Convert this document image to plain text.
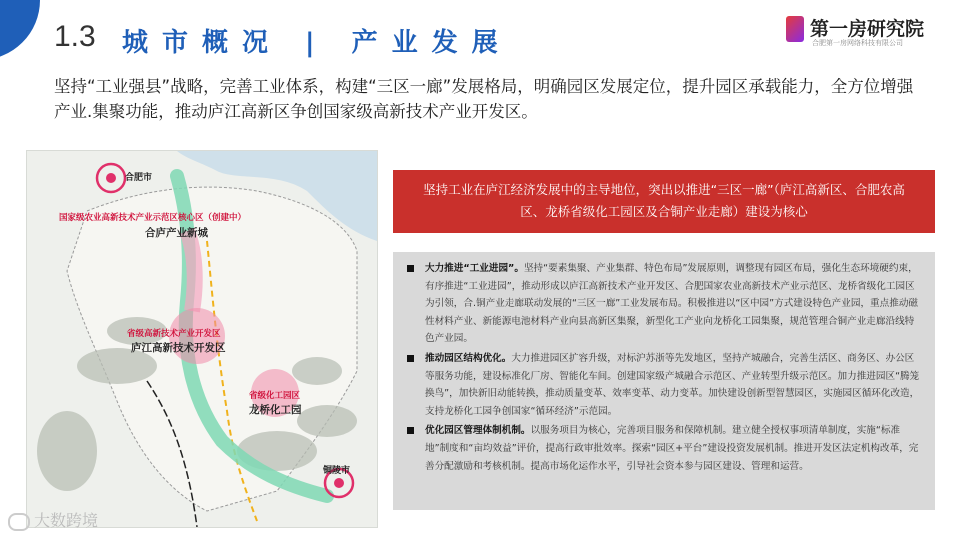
1.3 城市概况 | 产业发展	第一房研究院
合肥第一房网络科技有限公司
坚持“工业强县”战略，完善工业体系，构建“三区一廊”发展格局，明确园区发展定位，提升园区承载能力，全方位增强产业.集聚功能，推动庐江高新区争创国家级高新技术产业开发区。
合肥市
国家级农业高新技术产业示范区核心区（创建中）
合庐产业新城
省级高新技术产业开发区
庐江高新技术开发区
省级化工园区
龙桥化工园
铜陵市
坚持工业在庐江经济发展中的主导地位，突出以推进“三区一廊”（庐江高新区、合肥农高区、龙桥省级化工园区及合铜产业走廊）建设为核心
大力推进“工业进园”。坚持“要素集聚、产业集群、特色布局”发展原则，调整现有园区布局，强化生态环境硬约束，有序推进“工业进园”，推动形成以庐江高新技术产业开发区、合肥国家农业高新技术产业示范区、龙桥省级化工园区为引领，合.铜产业走廊联动发展的“三区一廊”工业发展布局。积极推进以“区中园”方式建设特色产业园，重点推动磁性材料产业、新能源电池材料产业向县高新区集聚，新型化工产业向龙桥化工园集聚，规范管理合铜产业走廊沿线特色产业园。
推动园区结构优化。大力推进园区扩容升级，对标沪苏浙等先发地区，坚持产城融合，完善生活区、商务区、办公区等服务功能，建设标准化厂房、智能化车间。创建国家级产城融合示范区、产业转型升级示范区。加力推进园区“腾笼换鸟”，加快新旧动能转换，推动质量变革、效率变革、动力变革。加快建设创新型智慧园区，实施园区循环化改造，支持龙桥化工园争创国家“循环经济”示范园。
优化园区管理体制机制。以服务项目为核心，完善项目服务和保障机制。建立健全授权事项清单制度，实施“标准地”制度和“亩均效益”评价，提高行政审批效率。探索“园区+平台”建设投资发展机制。推进开发区法定机构改革，完善分配激励和考核机制。提高市场化运作水平，引导社会资本参与园区建设、管理和运营。
大数跨境
